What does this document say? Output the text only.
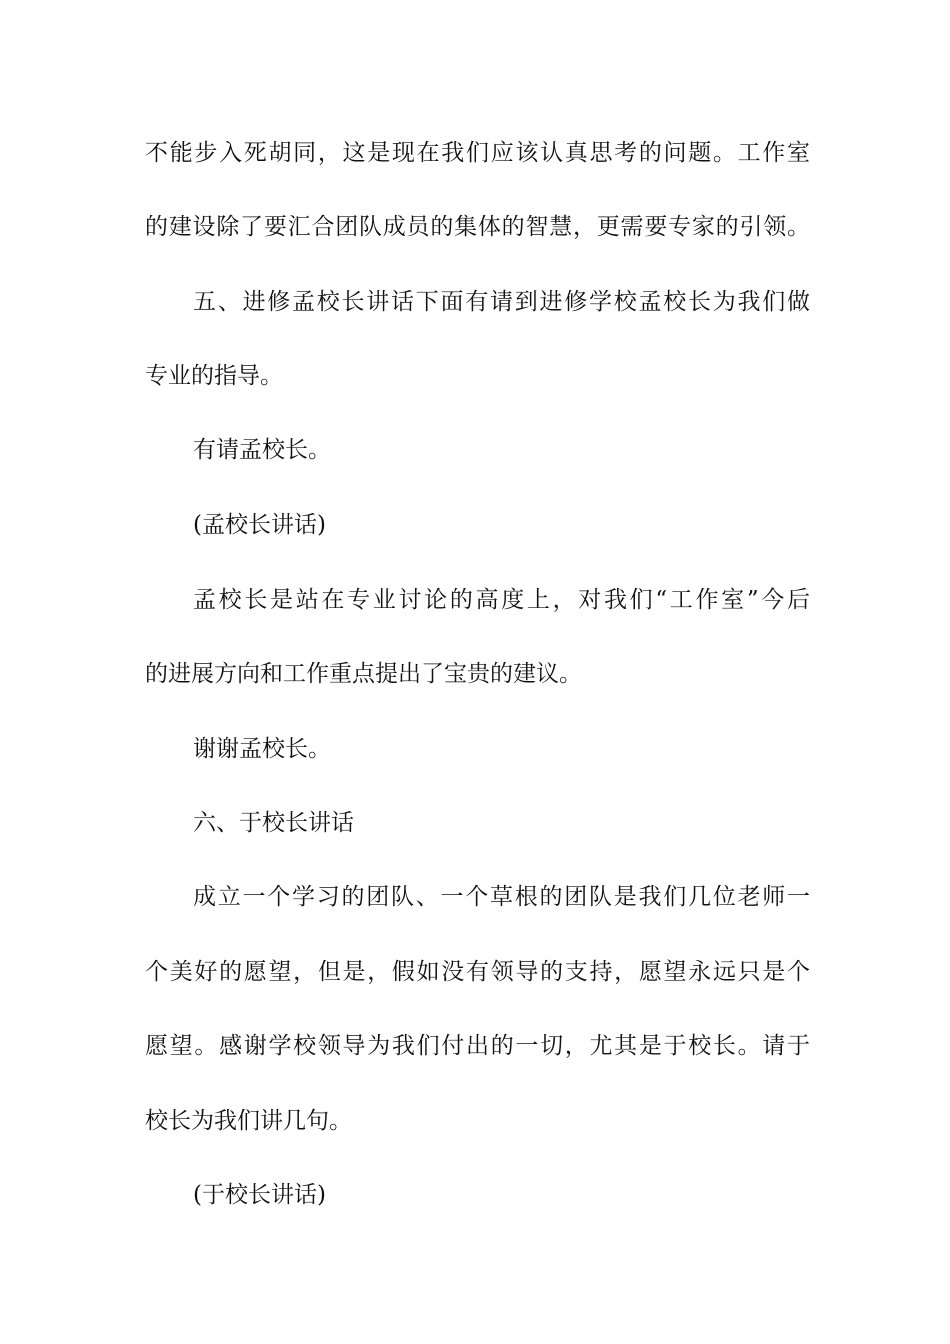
不能步入死胡同，这是现在我们应该认真思考的问题。工作室
的建设除了要汇合团队成员的集体的智慧，更需要专家的引领。
五、进修孟校长讲话下面有请到进修学校孟校长为我们做
专业的指导。
有请孟校长。
(孟校长讲话)
孟校长是站在专业讨论的高度上，对我们“工作室”今后
的进展方向和工作重点提出了宝贵的建议。
谢谢孟校长。
六、于校长讲话
成立一个学习的团队、一个草根的团队是我们几位老师一
个美好的愿望，但是，假如没有领导的支持，愿望永远只是个
愿望。感谢学校领导为我们付出的一切，尤其是于校长。请于
校长为我们讲几句。
(于校长讲话)
